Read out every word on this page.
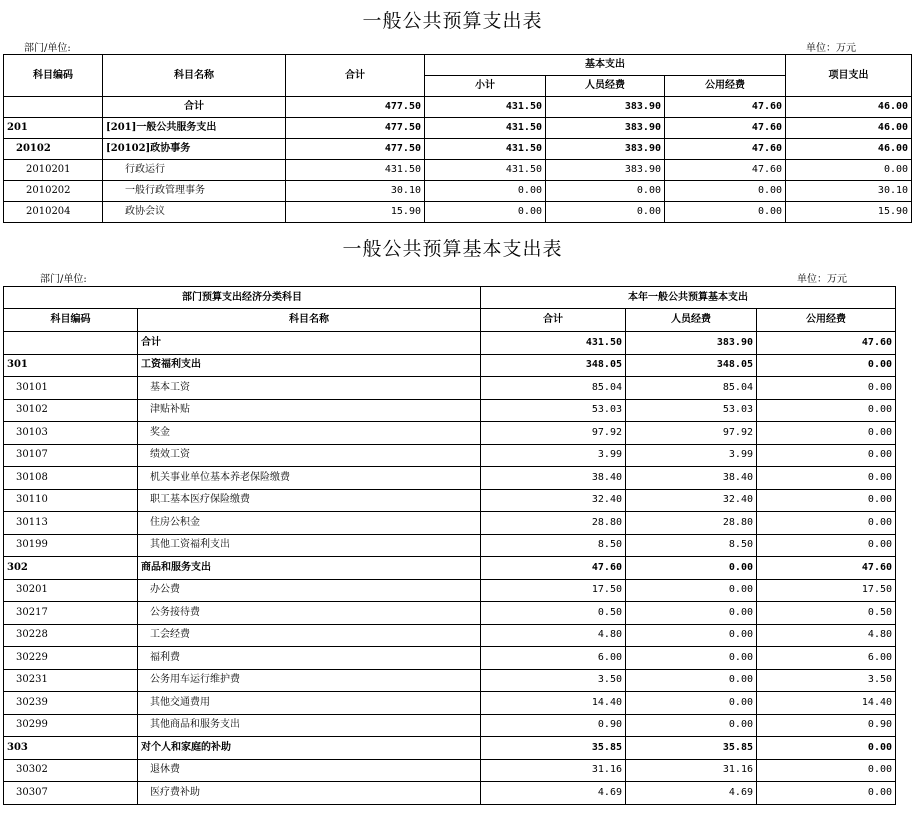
一般公共预算支出表
部门/单位:	单位：万元
科目编码	科目名称	合计	基本支出			项目支出
			小计	人员经费	公用经费	
	合计	477.50	431.50	383.90	47.60	46.00
201	[201]一般公共服务支出	477.50	431.50	383.90	47.60	46.00
20102	[20102]政协事务	477.50	431.50	383.90	47.60	46.00
2010201	行政运行	431.50	431.50	383.90	47.60	0.00
2010202	一般行政管理事务	30.10	0.00	0.00	0.00	30.10
2010204	政协会议	15.90	0.00	0.00	0.00	15.90
一般公共预算基本支出表
部门/单位:	单位：万元
部门预算支出经济分类科目		本年一般公共预算基本支出		
科目编码	科目名称	合计	人员经费	公用经费
	合计	431.50	383.90	47.60
301	工资福利支出	348.05	348.05	0.00
30101	基本工资	85.04	85.04	0.00
30102	津贴补贴	53.03	53.03	0.00
30103	奖金	97.92	97.92	0.00
30107	绩效工资	3.99	3.99	0.00
30108	机关事业单位基本养老保险缴费	38.40	38.40	0.00
30110	职工基本医疗保险缴费	32.40	32.40	0.00
30113	住房公积金	28.80	28.80	0.00
30199	其他工资福利支出	8.50	8.50	0.00
302	商品和服务支出	47.60	0.00	47.60
30201	办公费	17.50	0.00	17.50
30217	公务接待费	0.50	0.00	0.50
30228	工会经费	4.80	0.00	4.80
30229	福利费	6.00	0.00	6.00
30231	公务用车运行维护费	3.50	0.00	3.50
30239	其他交通费用	14.40	0.00	14.40
30299	其他商品和服务支出	0.90	0.00	0.90
303	对个人和家庭的补助	35.85	35.85	0.00
30302	退休费	31.16	31.16	0.00
30307	医疗费补助	4.69	4.69	0.00
